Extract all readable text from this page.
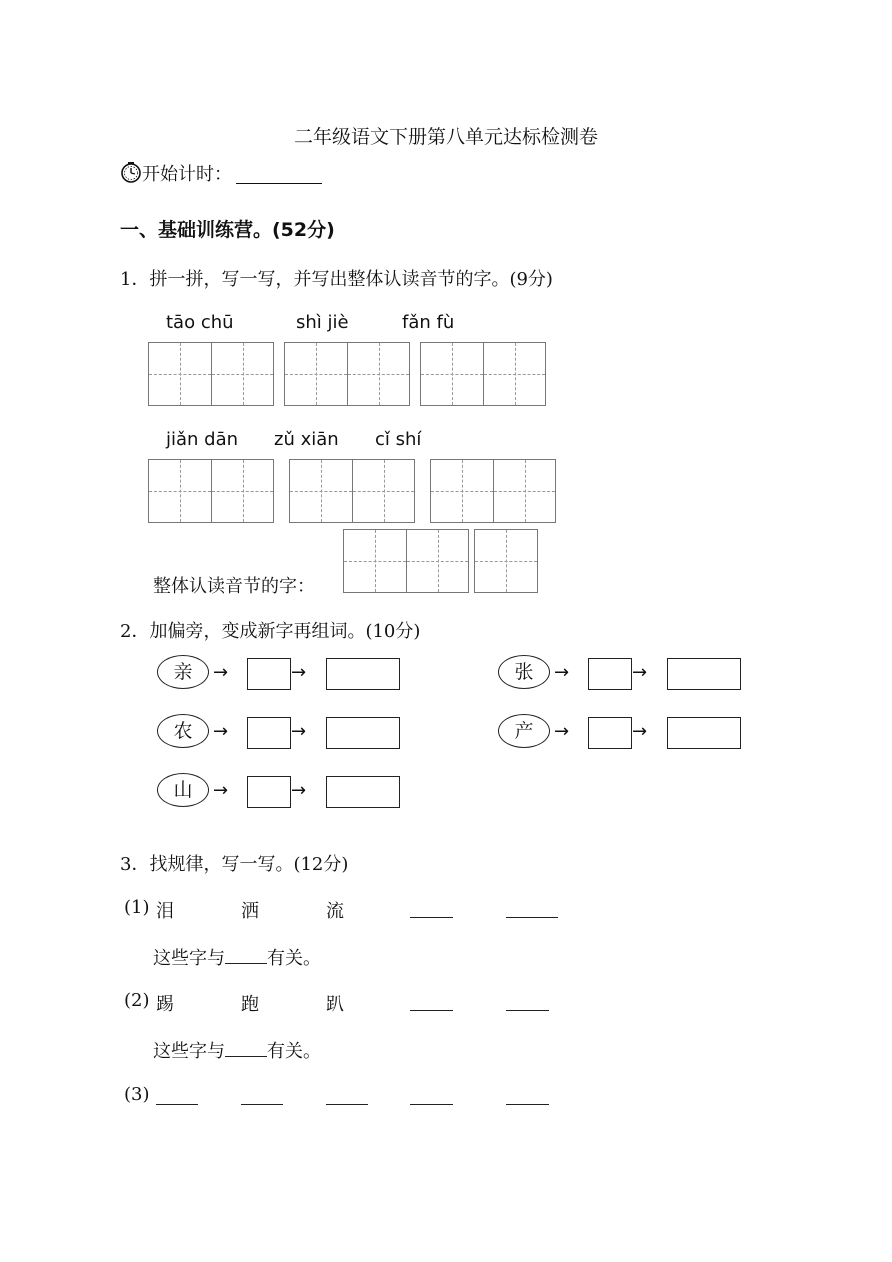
二年级语文下册第八单元达标检测卷
开始计时：
一、基础训练营。(52分)
1．拼一拼，写一写，并写出整体认读音节的字。(9分)
tāo chū	shì jiè	fǎn fù
jiǎn dān zǔ xiān cǐ shí
整体认读音节的字：
2．加偏旁，变成新字再组词。(10分)
亲	→	→	张	→	→
农	→	→	产	→	→
山	→	→
3．找规律，写一写。(12分)
(1) 泪	洒	流
这些字与 有关。
(2) 踢	跑	趴
这些字与 有关。
(3)
